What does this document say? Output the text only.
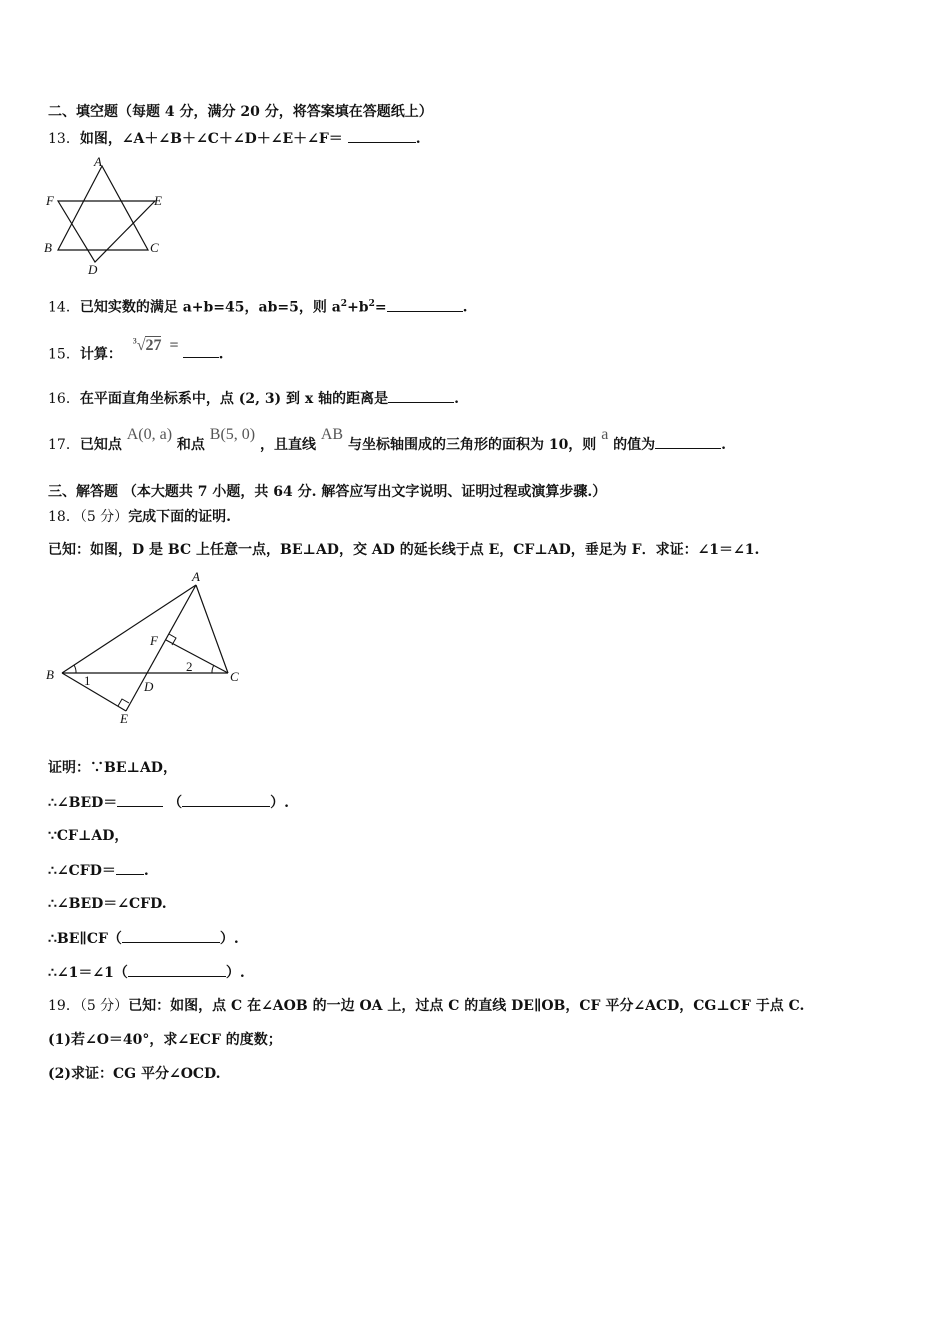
二、填空题（每题 4 分，满分 20 分，将答案填在答题纸上）
13．如图，∠A＋∠B＋∠C＋∠D＋∠E＋∠F＝	.
A
F	E
B	C
D
14．已知实数的满足 a+b=45，ab=5，则 $a^2+b^2=$	.
15．计算： $^3$√27 =	.
16．在平面直角坐标系中，点 (2, 3) 到 x 轴的距离是	.
17．已知点 A(0, a) 和点 B(5, 0) ，且直线 AB 与坐标轴围成的三角形的面积为 10，则 a 的值为	.
三、解答题 （本大题共 7 小题，共 64 分. 解答应写出文字说明、证明过程或演算步骤.）
18．（5 分）完成下面的证明.
已知：如图，D 是 BC 上任意一点，BE⊥AD，交 AD 的延长线于点 E，CF⊥AD，垂足为 F．求证：∠1＝∠1.
A
B	C
D
E
F
1
2
证明：∵BE⊥AD，
∴∠BED＝	（	）.
∵CF⊥AD，
∴∠CFD＝ .
∴∠BED＝∠CFD.
∴BE∥CF（	）.
∴∠1＝∠1（	）.
19．（5 分）已知：如图，点 C 在∠AOB 的一边 OA 上，过点 C 的直线 DE∥OB，CF 平分∠ACD，CG⊥CF 于点 C.
(1)若∠O＝40°，求∠ECF 的度数；
(2)求证：CG 平分∠OCD.
